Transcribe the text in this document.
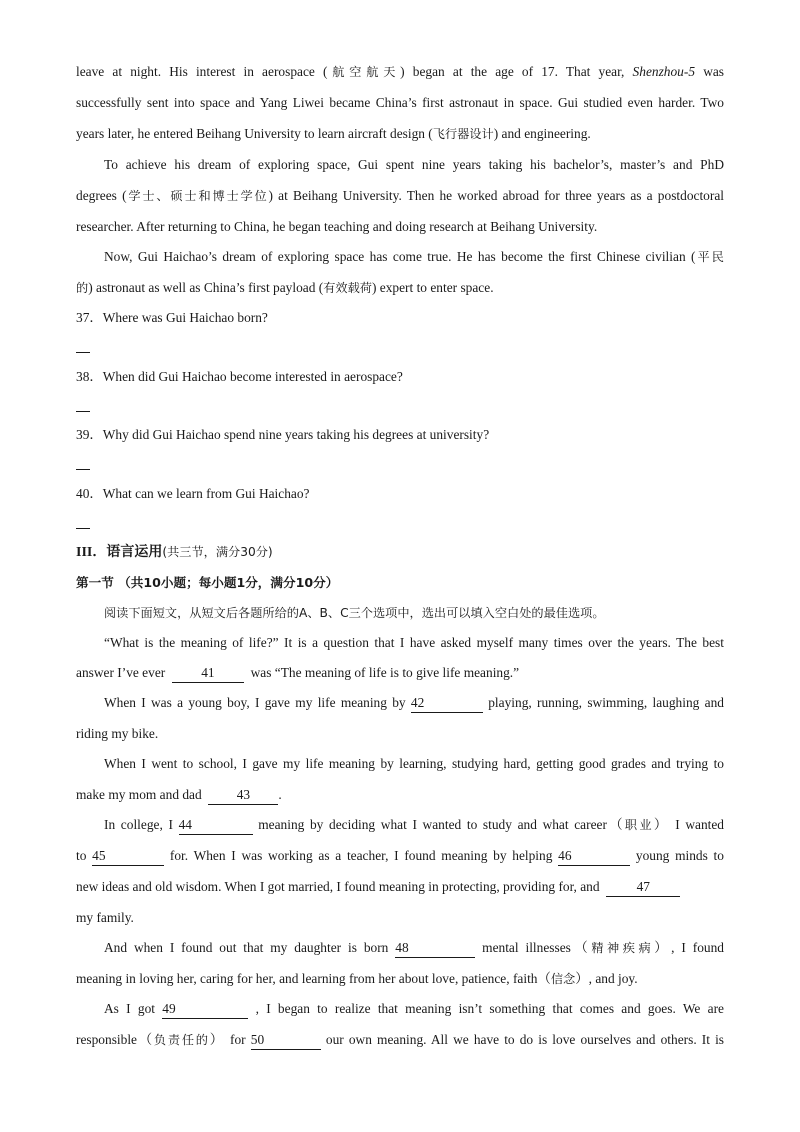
leave at night. His interest in aerospace (航空航天) began at the age of 17. That year, Shenzhou-5 was
successfully sent into space and Yang Liwei became China’s first astronaut in space. Gui studied even harder. Two
years later, he entered Beihang University to learn aircraft design (飞行器设计) and engineering.
To achieve his dream of exploring space, Gui spent nine years taking his bachelor’s, master’s and PhD
degrees (学士、硕士和博士学位) at Beihang University. Then he worked abroad for three years as a postdoctoral
researcher. After returning to China, he began teaching and doing research at Beihang University.
Now, Gui Haichao’s dream of exploring space has come true. He has become the first Chinese civilian (平民
的) astronaut as well as China’s first payload (有效载荷) expert to enter space.
37．Where was Gui Haichao born?
38．When did Gui Haichao become interested in aerospace?
39．Why did Gui Haichao spend nine years taking his degrees at university?
40．What can we learn from Gui Haichao?
III．语言运用(共三节，满分30分)
第一节 （共10小题；每小题1分，满分10分）
阅读下面短文，从短文后各题所给的A、B、C三个选项中，选出可以填入空白处的最佳选项。
“What is the meaning of life?” It is a question that I have asked myself many times over the years. The best
answer I’ve ever	41	was “The meaning of life is to give life meaning.”
When I was a young boy, I gave my life meaning by 42	playing, running, swimming, laughing and
riding my bike.
When I went to school, I gave my life meaning by learning, studying hard, getting good grades and trying to
make my mom and dad	43 .
In college, I 44	meaning by deciding what I wanted to study and what career（职业） I wanted
to 45	for. When I was working as a teacher, I found meaning by helping 46	young minds to
new ideas and old wisdom. When I got married, I found meaning in protecting, providing for, and	47
my family.
And when I found out that my daughter is born 48	mental illnesses（精神疾病）, I found
meaning in loving her, caring for her, and learning from her about love, patience, faith（信念）, and joy.
As I got 49	, I began to realize that meaning isn’t something that comes and goes. We are
responsible（负责任的） for 50	our own meaning. All we have to do is love ourselves and others. It is
